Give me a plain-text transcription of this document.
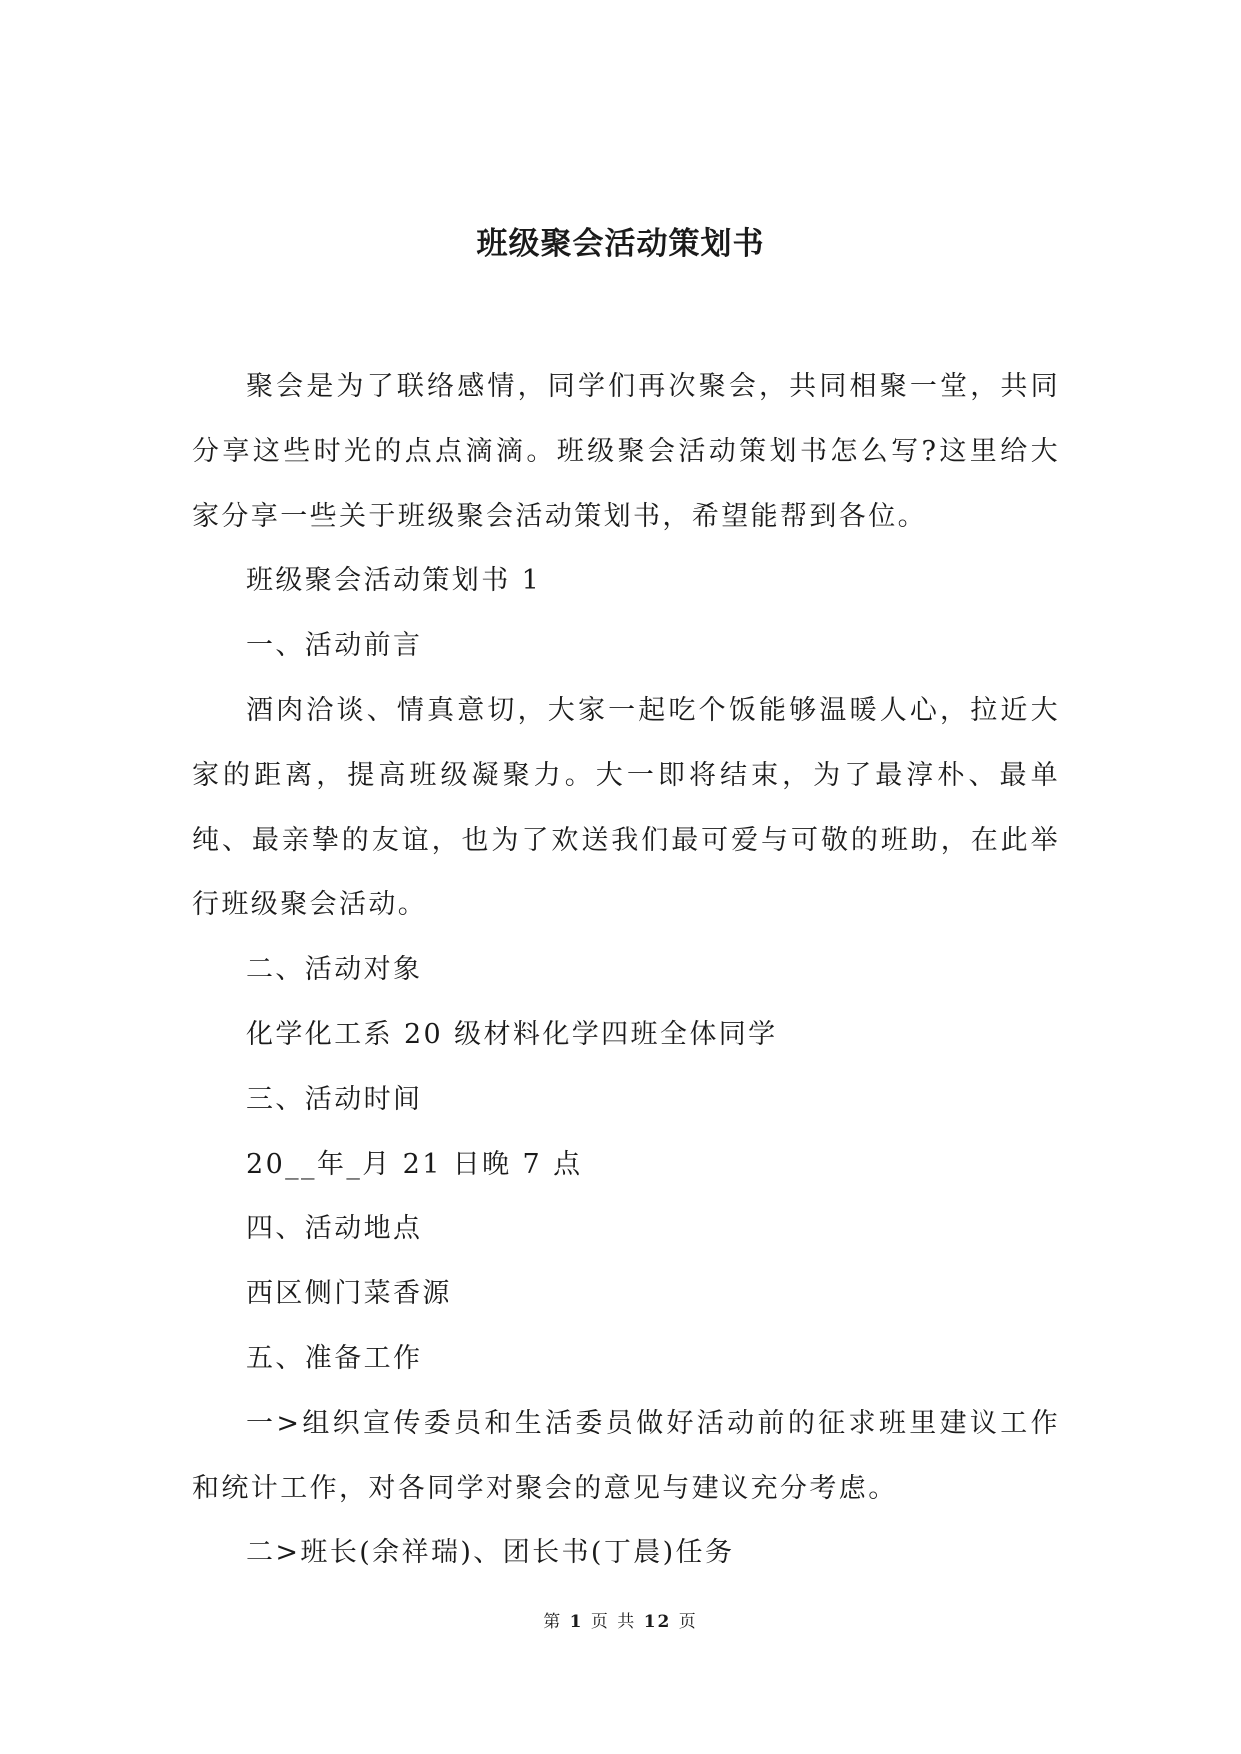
班级聚会活动策划书

聚会是为了联络感情，同学们再次聚会，共同相聚一堂，共同分享这些时光的点点滴滴。班级聚会活动策划书怎么写?这里给大家分享一些关于班级聚会活动策划书，希望能帮到各位。

班级聚会活动策划书 1

一、活动前言

酒肉洽谈、情真意切，大家一起吃个饭能够温暖人心，拉近大家的距离，提高班级凝聚力。大一即将结束，为了最淳朴、最单纯、最亲挚的友谊，也为了欢送我们最可爱与可敬的班助，在此举行班级聚会活动。

二、活动对象

化学化工系 20 级材料化学四班全体同学

三、活动时间

20__年_月 21 日晚 7 点

四、活动地点

西区侧门菜香源

五、准备工作

一>组织宣传委员和生活委员做好活动前的征求班里建议工作和统计工作，对各同学对聚会的意见与建议充分考虑。

二>班长(余祥瑞)、团长书(丁晨)任务

第 1 页 共 12 页
